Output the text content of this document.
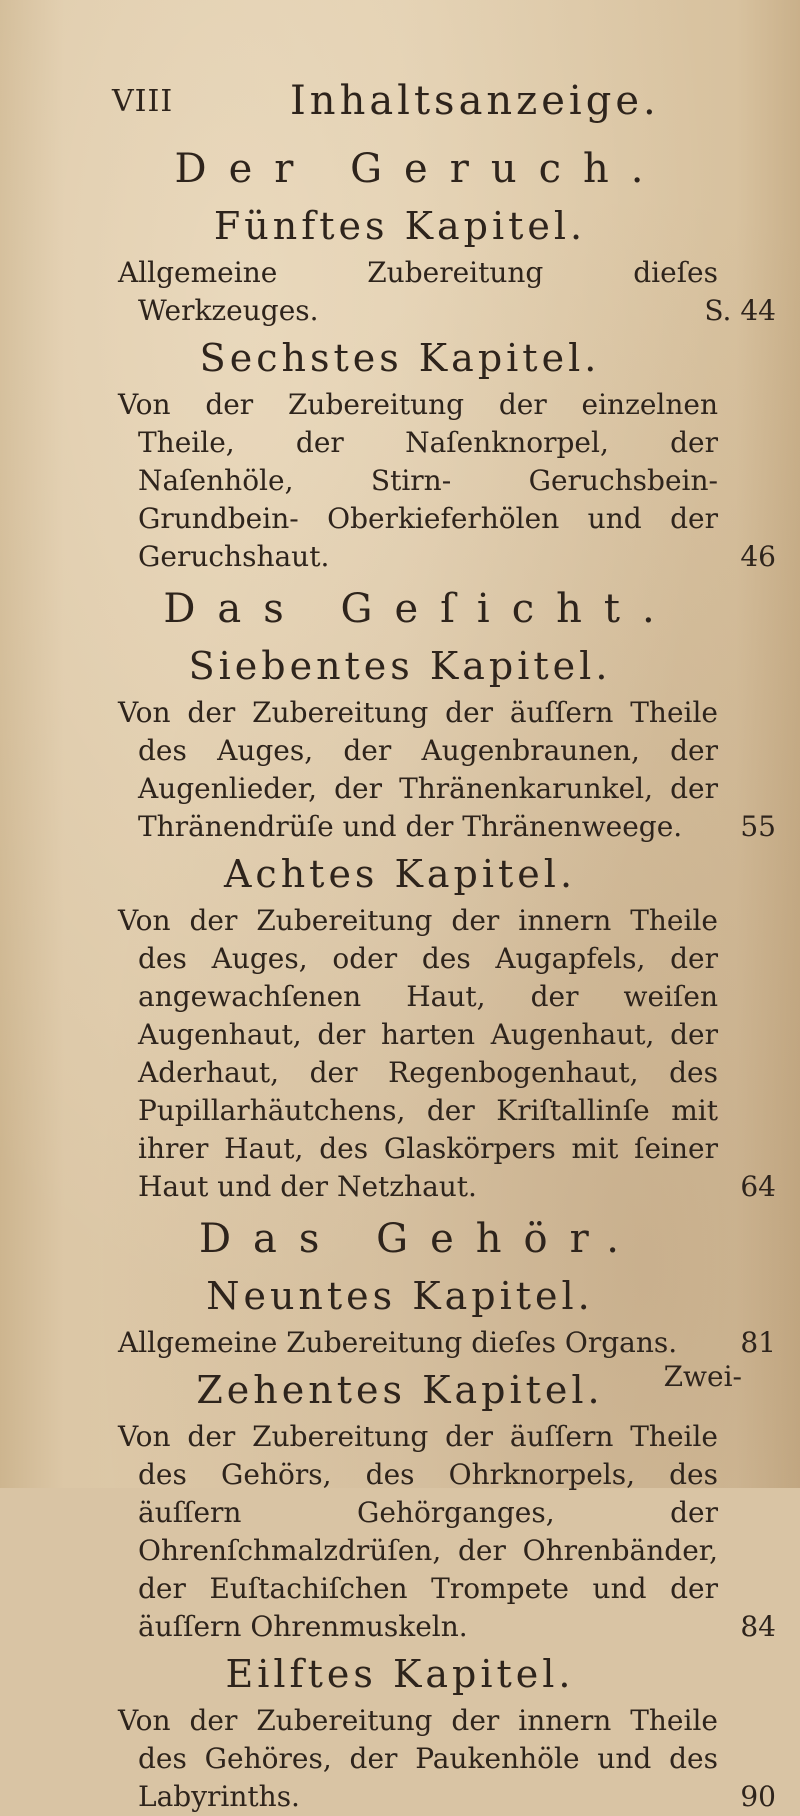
VIII	Inhaltsanzeige.
Der Geruch.
Fünftes Kapitel.
Allgemeine Zubereitung dieſes Werkzeuges.	S. 44
Sechstes Kapitel.
Von der Zubereitung der einzelnen Theile, der Naſenknorpel, der Naſenhöle, Stirn- Geruchsbein- Grundbein- Oberkieferhölen und der Geruchshaut.	46
Das Geſicht.
Siebentes Kapitel.
Von der Zubereitung der äuſſern Theile des Auges, der Augenbraunen, der Augenlieder, der Thränenkarunkel, der Thränendrüſe und der Thränenweege. 55
Achtes Kapitel.
Von der Zubereitung der innern Theile des Auges, oder des Augapfels, der angewachſenen Haut, der weiſen Augenhaut, der harten Augenhaut, der Aderhaut, der Regenbogenhaut, des Pupillarhäutchens, der Kriſtallinſe mit ihrer Haut, des Glaskörpers mit ſeiner Haut und der Netzhaut.	64
Das Gehör.
Neuntes Kapitel.
Allgemeine Zubereitung dieſes Organs. 81
Zehentes Kapitel.
Von der Zubereitung der äuſſern Theile des Gehörs, des Ohrknorpels, des äuſſern Gehörganges, der Ohrenſchmalzdrüſen, der Ohrenbänder, der Euſtachiſchen Trompete und der äuſſern Ohrenmuskeln.	84
Eilftes Kapitel.
Von der Zubereitung der innern Theile des Gehöres, der Paukenhöle und des Labyrinths.	90
Zwei-
